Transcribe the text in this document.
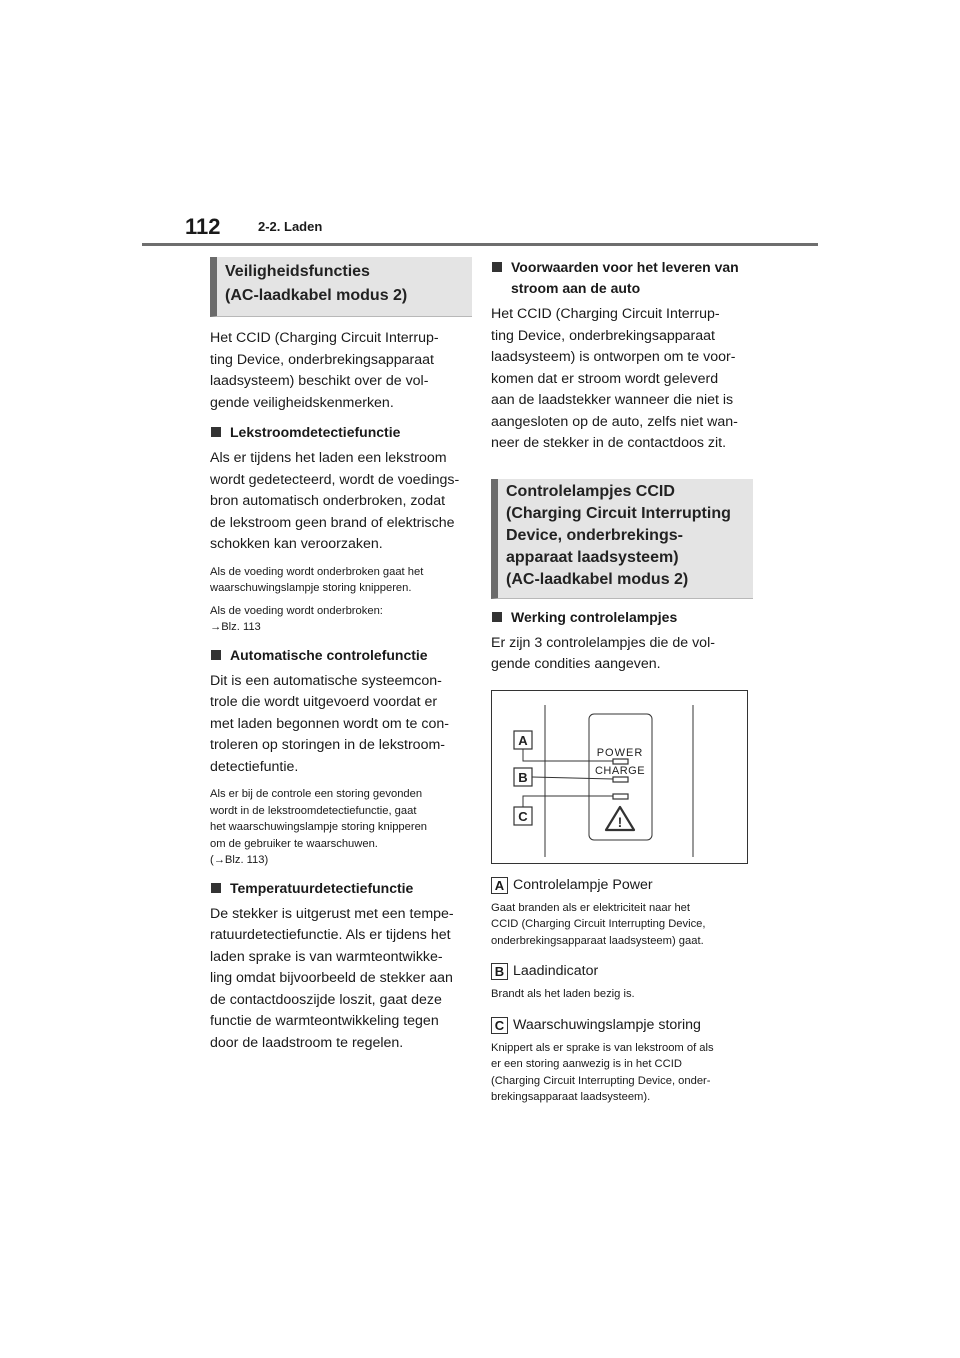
112	2-2. Laden
Veiligheidsfuncties
(AC-laadkabel modus 2)

Het CCID (Charging Circuit Interrup-
ting Device, onderbrekingsapparaat
laadsysteem) beschikt over de vol-
gende veiligheidskenmerken.

Lekstroomdetectiefunctie

Als er tijdens het laden een lekstroom
wordt gedetecteerd, wordt de voedings-
bron automatisch onderbroken, zodat
de lekstroom geen brand of elektrische
schokken kan veroorzaken.

Als de voeding wordt onderbroken gaat het
waarschuwingslampje storing knipperen.

Als de voeding wordt onderbroken:
→Blz. 113

Automatische controlefunctie

Dit is een automatische systeemcon-
trole die wordt uitgevoerd voordat er
met laden begonnen wordt om te con-
troleren op storingen in de lekstroom-
detectiefuntie.

Als er bij de controle een storing gevonden
wordt in de lekstroomdetectiefunctie, gaat
het waarschuwingslampje storing knipperen
om de gebruiker te waarschuwen.
(→Blz. 113)

Temperatuurdetectiefunctie

De stekker is uitgerust met een tempe-
ratuurdetectiefunctie. Als er tijdens het
laden sprake is van warmteontwikke-
ling omdat bijvoorbeeld de stekker aan
de contactdooszijde loszit, gaat deze
functie de warmteontwikkeling tegen
door de laadstroom te regelen.

Voorwaarden voor het leveren van
stroom aan de auto

Het CCID (Charging Circuit Interrup-
ting Device, onderbrekingsapparaat
laadsysteem) is ontworpen om te voor-
komen dat er stroom wordt geleverd
aan de laadstekker wanneer die niet is
aangesloten op de auto, zelfs niet wan-
neer de stekker in de contactdoos zit.

Controlelampjes CCID
(Charging Circuit Interrupting
Device, onderbrekings-
apparaat laadsysteem)
(AC-laadkabel modus 2)

Werking controlelampjes

Er zijn 3 controlelampjes die de vol-
gende condities aangeven.

POWER
CHARGE
!
A
B
C

A Controlelampje Power

Gaat branden als er elektriciteit naar het
CCID (Charging Circuit Interrupting Device,
onderbrekingsapparaat laadsysteem) gaat.

B Laadindicator

Brandt als het laden bezig is.

C Waarschuwingslampje storing

Knippert als er sprake is van lekstroom of als
er een storing aanwezig is in het CCID
(Charging Circuit Interrupting Device, onder-
brekingsapparaat laadsysteem).
